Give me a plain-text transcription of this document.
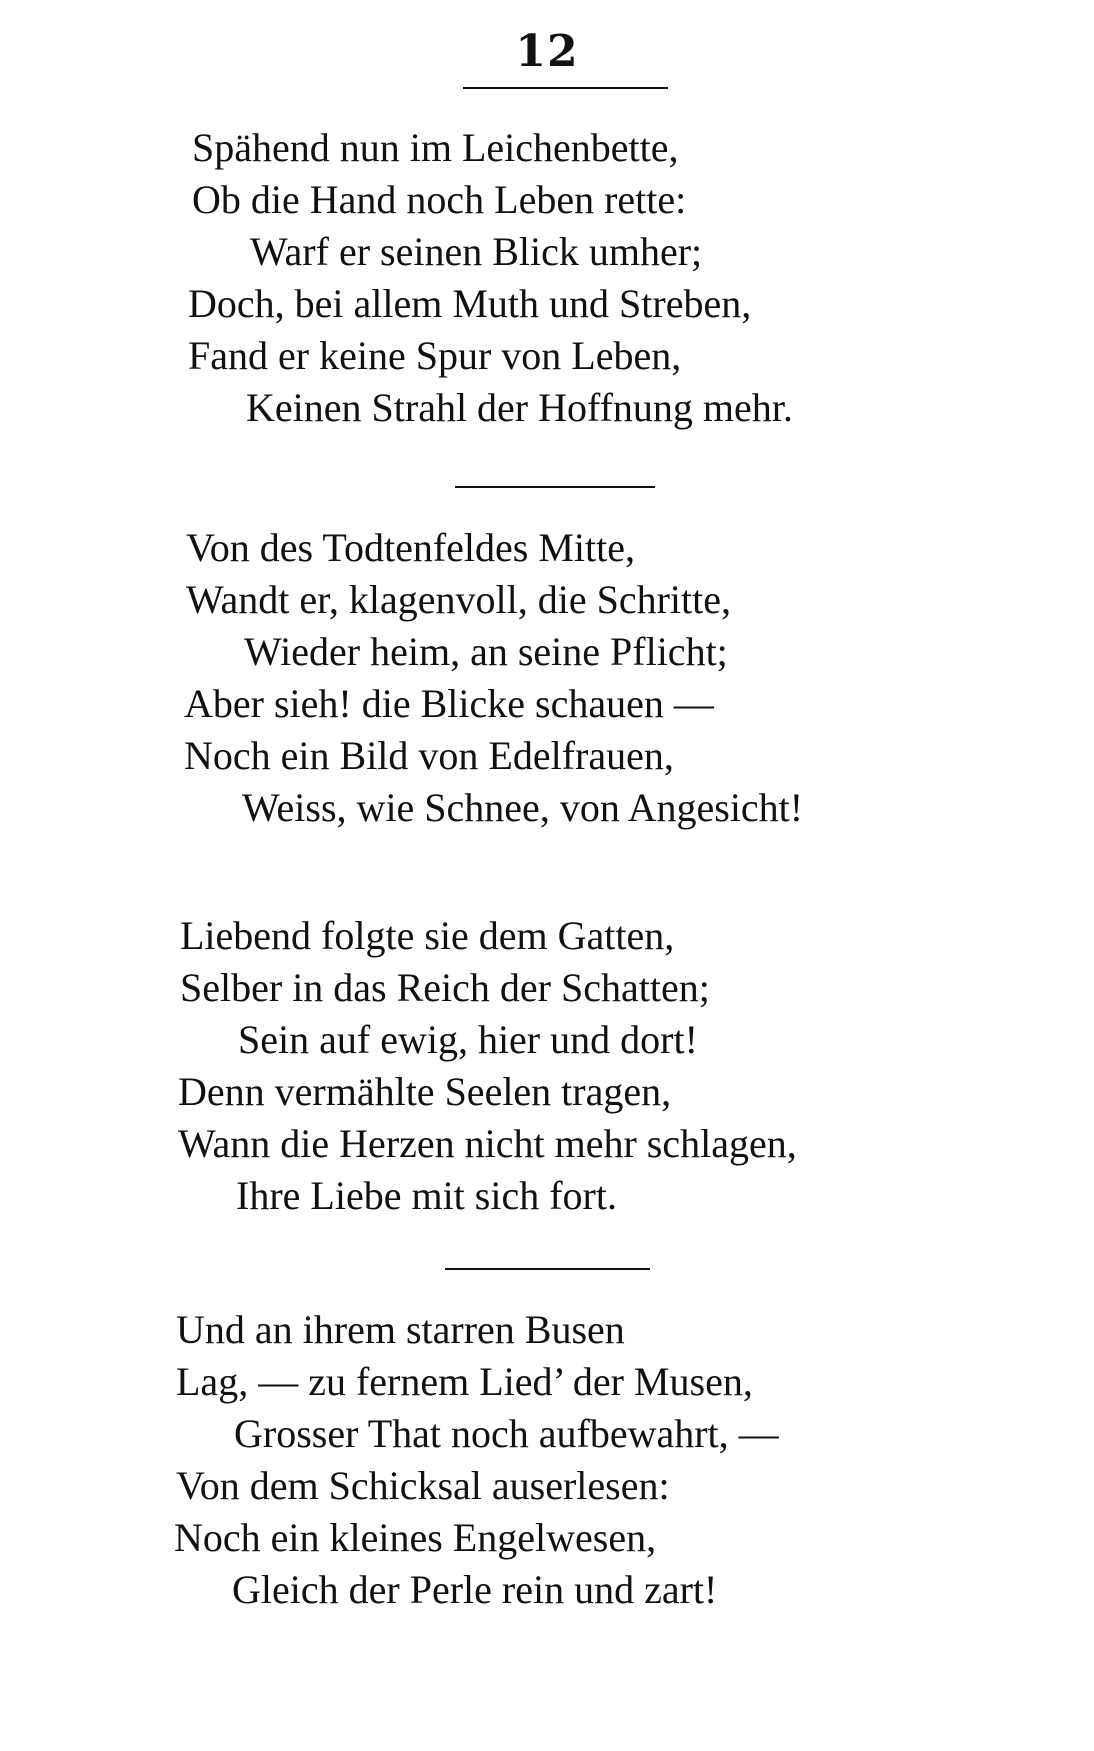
12
Spähend nun im Leichenbette,
Ob die Hand noch Leben rette:
Warf er seinen Blick umher;
Doch, bei allem Muth und Streben,
Fand er keine Spur von Leben,
Keinen Strahl der Hoffnung mehr.
Von des Todtenfeldes Mitte,
Wandt er, klagenvoll, die Schritte,
Wieder heim, an seine Pflicht;
Aber sieh! die Blicke schauen —
Noch ein Bild von Edelfrauen,
Weiss, wie Schnee, von Angesicht!
Liebend folgte sie dem Gatten,
Selber in das Reich der Schatten;
Sein auf ewig, hier und dort!
Denn vermählte Seelen tragen,
Wann die Herzen nicht mehr schlagen,
Ihre Liebe mit sich fort.
Und an ihrem starren Busen
Lag, — zu fernem Lied’ der Musen,
Grosser That noch aufbewahrt, —
Von dem Schicksal auserlesen:
Noch ein kleines Engelwesen,
Gleich der Perle rein und zart!
